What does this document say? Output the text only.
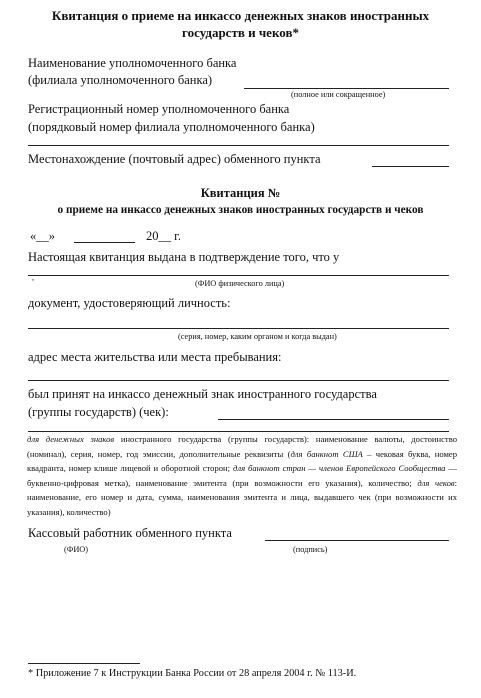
Квитанция о приеме на инкассо денежных знаков иностранных
государств и чеков*
Наименование уполномоченного банка
(филиала уполномоченного банка)
(полное или сокращенное)
Регистрационный номер уполномоченного банка
(порядковый номер филиала уполномоченного банка)
Местонахождение (почтовый адрес) обменного пункта
Квитанция №
о приеме на инкассо денежных знаков иностранных государств и чеков
«__»	20__ г.
Настоящая квитанция выдана в подтверждение того, что у
,
(ФИО физического лица)
документ, удостоверяющий личность:
(серия, номер, каким органом и когда выдан)
адрес места жительства или места пребывания:
был принят на инкассо денежный знак иностранного государства
(группы государств) (чек):
для денежных знаков иностранного государства (группы государств): наименование валюты, достоинство (номинал), серия, номер, год эмиссии, дополнительные реквизиты (для банкнот США – чековая буква, номер квадранта, номер клише лицевой и оборотной сторон; для банкнот стран — членов Европейского Сообщества — буквенно-цифровая метка), наименование эмитента (при возможности его указания), количество; для чеков: наименование, его номер и дата, сумма, наименования эмитента и лица, выдавшего чек (при возможности их указания), количество)
Кассовый работник обменного пункта
(ФИО)	(подпись)
* Приложение 7 к Инструкции Банка России от 28 апреля 2004 г. № 113-И.
